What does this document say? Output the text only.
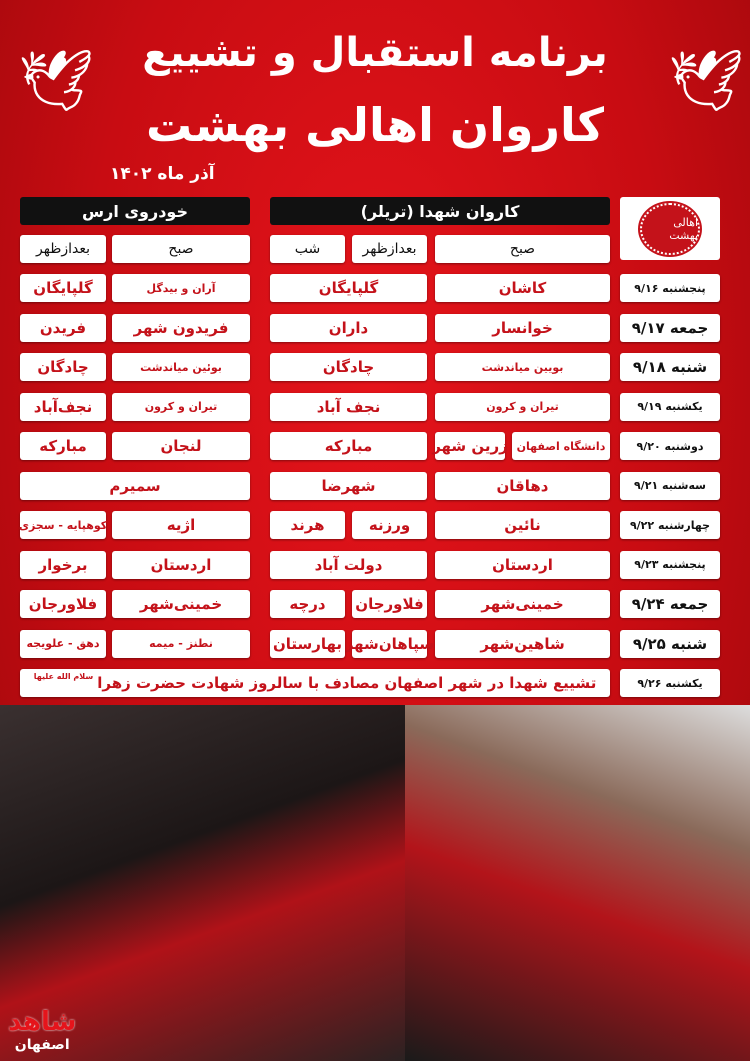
🕊	🕊
برنامه استقبال و تشییع
کاروان اهالی بهشت
آذر ماه ۱۴۰۲
اهالی بهشت
کاروان شهدا (تریلر)
خودروی ارس
صبح
بعدازظهر
شب
صبح
بعدازظهر
پنجشنبه ۹/۱۶
کاشان
گلپایگان
آران و بیدگل
گلپایگان
جمعه ۹/۱۷
خوانسار
داران
فریدون شهر
فریدن
شنبه ۹/۱۸
بویین میاندشت
چادگان
بوئین میاندشت
چادگان
یکشنبه ۹/۱۹
تیران و کرون
نجف آباد
تیران و کرون
نجف‌آباد
دوشنبه ۹/۲۰
دانشگاه اصفهان
زرین شهر
مبارکه
لنجان
مبارکه
سه‌شنبه ۹/۲۱
دهاقان
شهرضا
سمیرم
چهارشنبه ۹/۲۲
نائین
ورزنه
هرند
اژیه
کوهپایه - سجزی
پنجشنبه ۹/۲۳
اردستان
دولت آباد
اردستان
برخوار
جمعه ۹/۲۴
خمینی‌شهر
فلاورجان
درچه
خمینی‌شهر
فلاورجان
شنبه ۹/۲۵
شاهین‌شهر
سپاهان‌شهر
بهارستان
نطنز - میمه
دهق - علویجه
یکشنبه ۹/۲۶
تشییع شهدا در شهر اصفهان مصادف با سالروز شهادت حضرت زهرا
سلام الله علیها
شاهد
اصفهان
